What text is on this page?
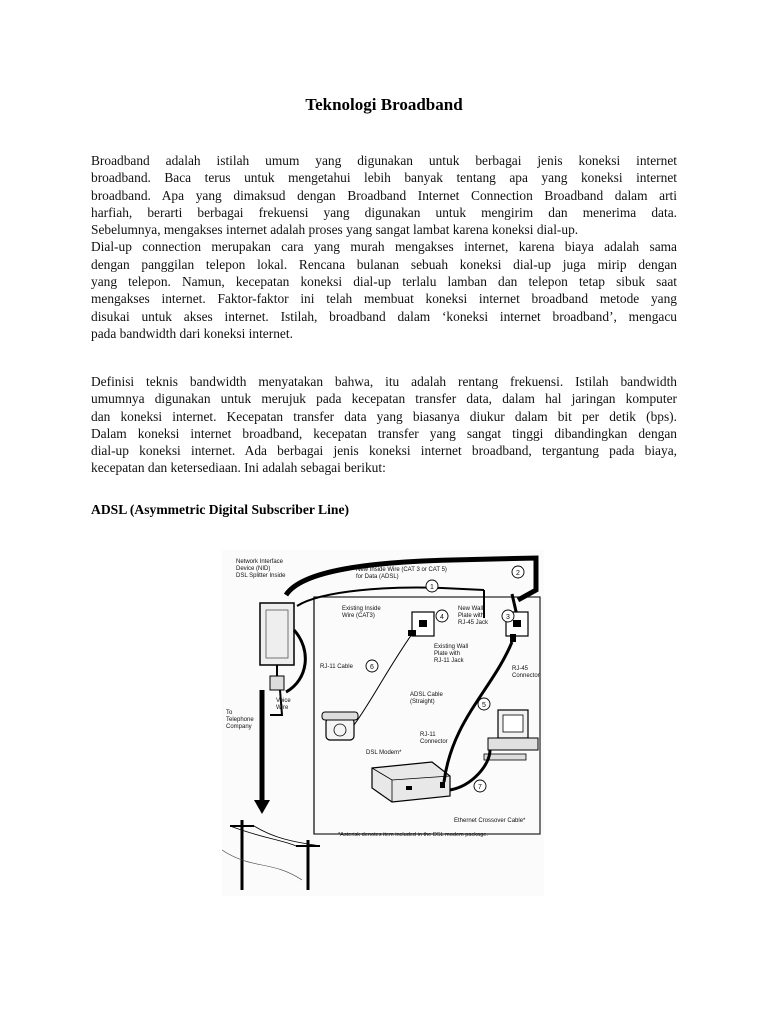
Teknologi Broadband
Broadband adalah istilah umum yang digunakan untuk berbagai jenis koneksi internet
broadband. Baca terus untuk mengetahui lebih banyak tentang apa yang koneksi internet
broadband. Apa yang dimaksud dengan Broadband Internet Connection Broadband dalam arti
harfiah, berarti berbagai frekuensi yang digunakan untuk mengirim dan menerima data.
Sebelumnya, mengakses internet adalah proses yang sangat lambat karena koneksi dial-up.
Dial-up connection merupakan cara yang murah mengakses internet, karena biaya adalah sama
dengan panggilan telepon lokal. Rencana bulanan sebuah koneksi dial-up juga mirip dengan
yang telepon. Namun, kecepatan koneksi dial-up terlalu lamban dan telepon tetap sibuk saat
mengakses internet. Faktor-faktor ini telah membuat koneksi internet broadband metode yang
disukai untuk akses internet. Istilah, broadband dalam ‘koneksi internet broadband’, mengacu
pada bandwidth dari koneksi internet.
Definisi teknis bandwidth menyatakan bahwa, itu adalah rentang frekuensi. Istilah bandwidth
umumnya digunakan untuk merujuk pada kecepatan transfer data, dalam hal jaringan komputer
dan koneksi internet. Kecepatan transfer data yang biasanya diukur dalam bit per detik (bps).
Dalam koneksi internet broadband, kecepatan transfer yang sangat tinggi dibandingkan dengan
dial-up koneksi internet. Ada berbagai jenis koneksi internet broadband, tergantung pada biaya,
kecepatan dan ketersediaan. Ini adalah sebagai berikut:
ADSL (Asymmetric Digital Subscriber Line)
1
2
3
4
5
6
7
Network Interface
Device (NID)
DSL Splitter Inside
New Inside Wire (CAT 3 or CAT 5)
for Data (ADSL)
Existing Inside
Wire (CAT3)
New Wall
Plate with
RJ-45 Jack
Existing Wall
Plate with
RJ-11 Jack
RJ-11 Cable	RJ-45
Connector
Voice
Wire
To
Telephone
Company
ADSL Cable
(Straight)
RJ-11
Connector
DSL Modem*
Ethernet Crossover Cable*
*Asterisk denotes item included in the DSL modem package.
